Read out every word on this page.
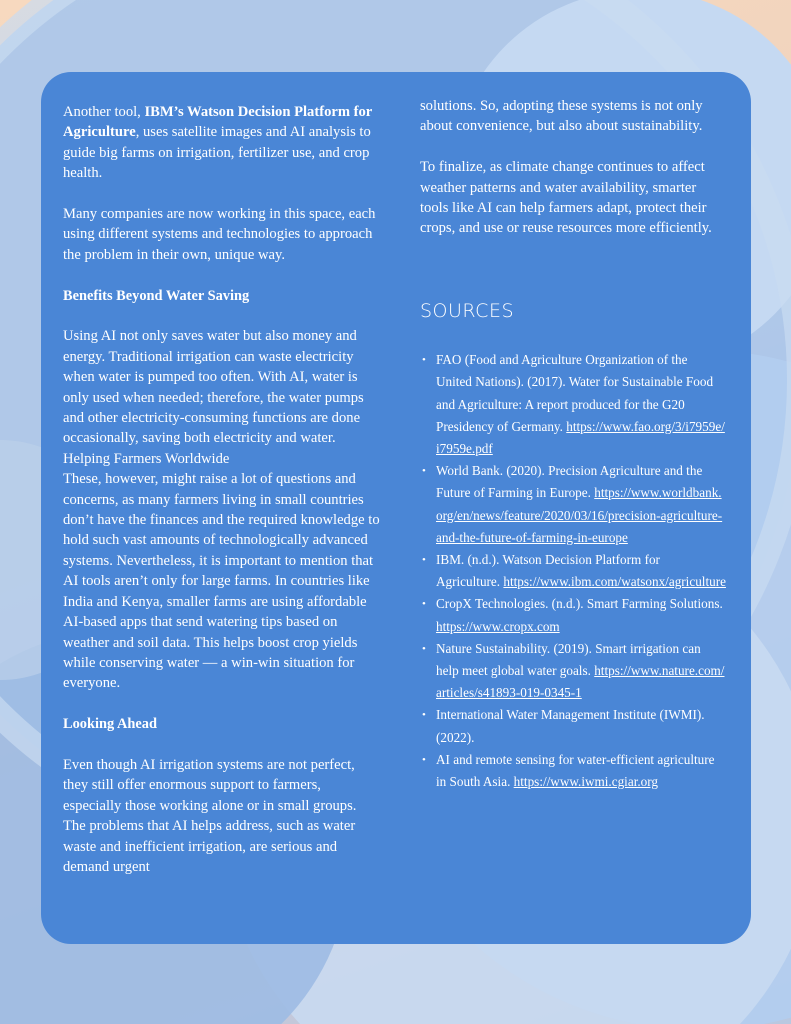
Another tool, IBM’s Watson Decision Platform for Agriculture, uses satellite images and AI analysis to guide big farms on irrigation, fertilizer use, and crop health.

Many companies are now working in this space, each using different systems and technologies to approach the problem in their own, unique way.

Benefits Beyond Water Saving

Using AI not only saves water but also money and energy. Traditional irrigation can waste electricity when water is pumped too often. With AI, water is only used when needed; therefore, the water pumps and other electricity-consuming functions are done occasionally, saving both electricity and water.

Helping Farmers Worldwide

These, however, might raise a lot of questions and concerns, as many farmers living in small countries don’t have the finances and the required knowledge to hold such vast amounts of technologically advanced systems. Nevertheless, it is important to mention that AI tools aren’t only for large farms. In countries like India and Kenya, smaller farms are using affordable AI-based apps that send watering tips based on weather and soil data. This helps boost crop yields while conserving water — a win-win situation for everyone.

Looking Ahead

Even though AI irrigation systems are not perfect, they still offer enormous support to farmers, especially those working alone or in small groups. The problems that AI helps address, such as water waste and inefficient irrigation, are serious and demand urgent

solutions. So, adopting these systems is not only about convenience, but also about sustainability.

To finalize, as climate change continues to affect weather patterns and water availability, smarter tools like AI can help farmers adapt, protect their crops, and use or reuse resources more efficiently.

SOURCES
• FAO (Food and Agriculture Organization of the United Nations). (2017). Water for Sustainable Food and Agriculture: A report produced for the G20 Presidency of Germany. https://www.fao.org/3/i7959e/i7959e.pdf
• World Bank. (2020). Precision Agriculture and the Future of Farming in Europe. https://www.worldbank.org/en/news/feature/2020/03/16/precision-agriculture-and-the-future-of-farming-in-europe
• IBM. (n.d.). Watson Decision Platform for Agriculture. https://www.ibm.com/watsonx/agriculture
• CropX Technologies. (n.d.). Smart Farming Solutions. https://www.cropx.com
• Nature Sustainability. (2019). Smart irrigation can help meet global water goals. https://www.nature.com/articles/s41893-019-0345-1
• International Water Management Institute (IWMI). (2022).
• AI and remote sensing for water-efficient agriculture in South Asia. https://www.iwmi.cgiar.org
